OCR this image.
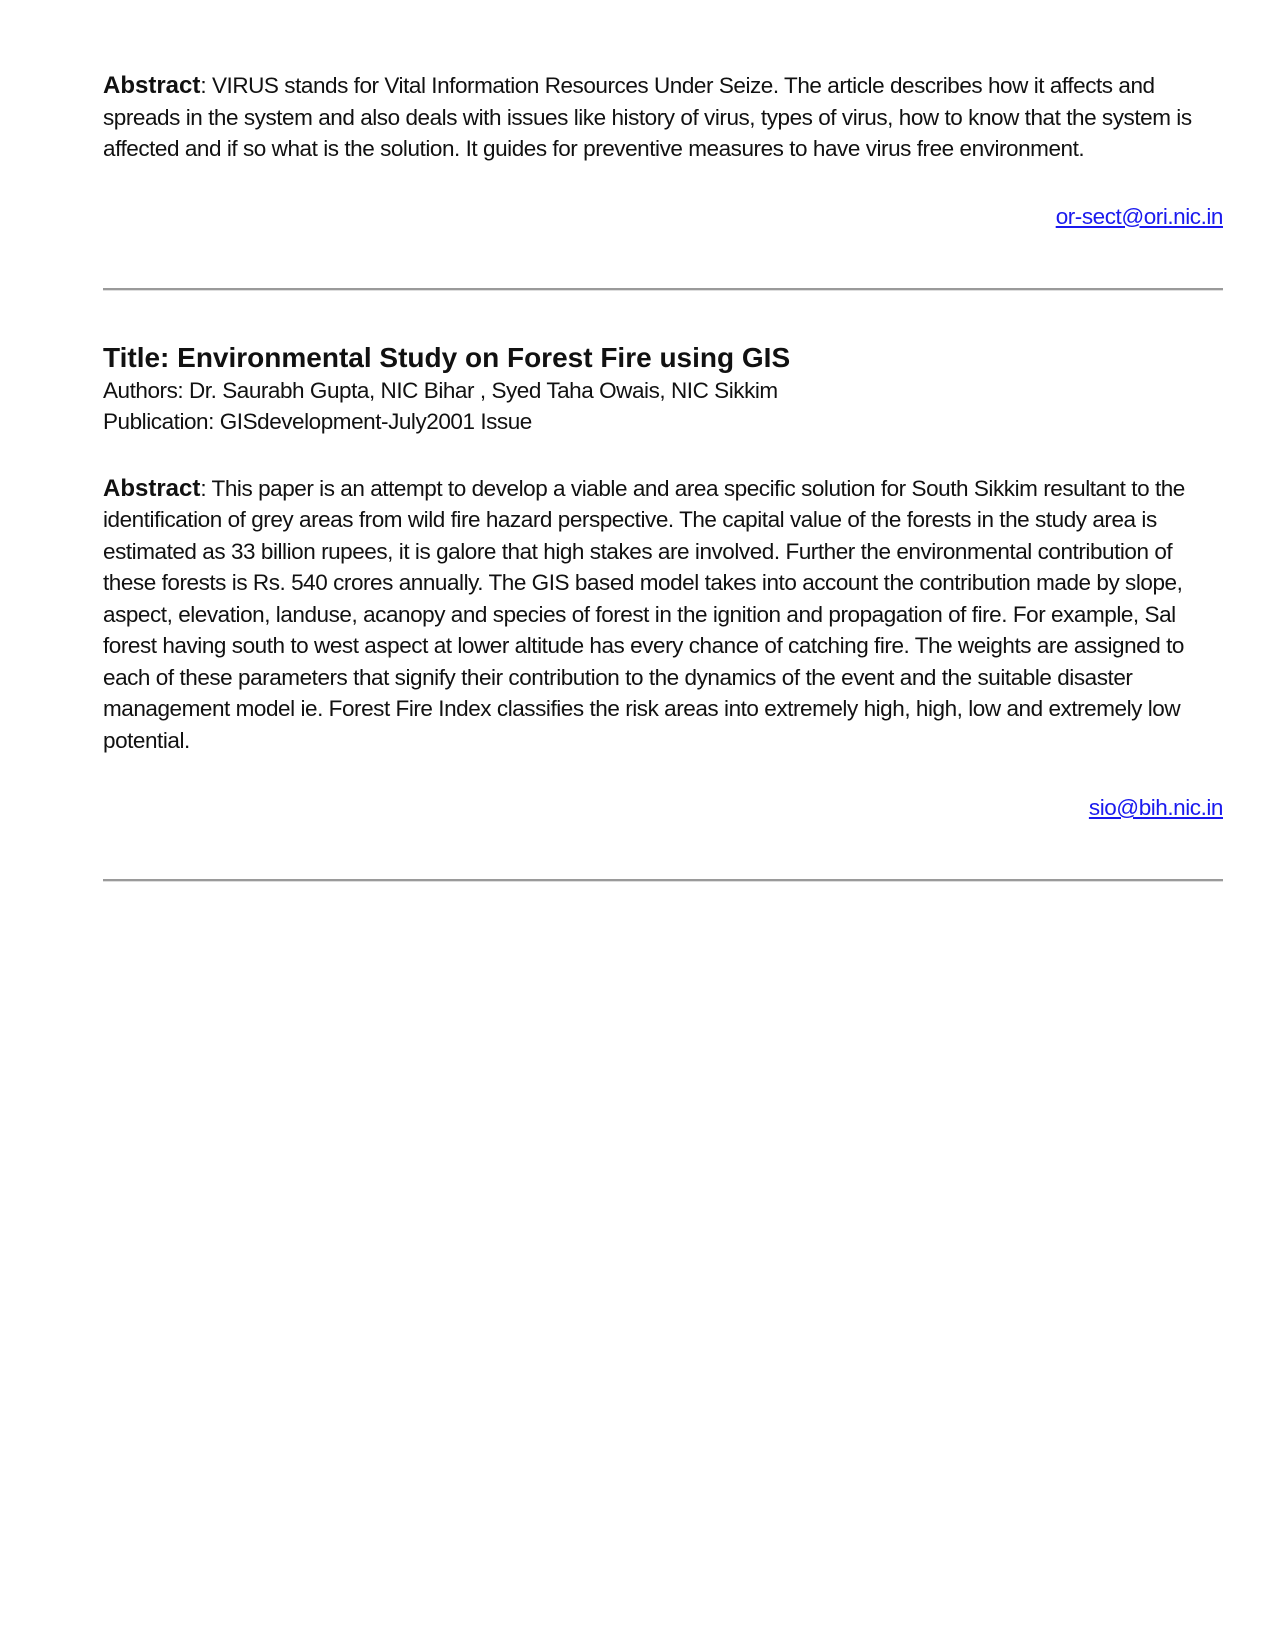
Abstract: VIRUS stands for Vital Information Resources Under Seize. The article describes how it affects and spreads in the system and also deals with issues like history of virus, types of virus, how to know that the system is affected and if so what is the solution. It guides for preventive measures to have virus free environment.

or-sect@ori.nic.in
Title: Environmental Study on Forest Fire using GIS

Authors: Dr. Saurabh Gupta, NIC Bihar , Syed Taha Owais, NIC Sikkim

Publication: GISdevelopment-July2001 Issue

Abstract: This paper is an attempt to develop a viable and area specific solution for South Sikkim resultant to the identification of grey areas from wild fire hazard perspective. The capital value of the forests in the study area is estimated as 33 billion rupees, it is galore that high stakes are involved. Further the environmental contribution of these forests is Rs. 540 crores annually. The GIS based model takes into account the contribution made by slope, aspect, elevation, landuse, acanopy and species of forest in the ignition and propagation of fire. For example, Sal forest having south to west aspect at lower altitude has every chance of catching fire. The weights are assigned to each of these parameters that signify their contribution to the dynamics of the event and the suitable disaster management model ie. Forest Fire Index classifies the risk areas into extremely high, high, low and extremely low potential.

sio@bih.nic.in
